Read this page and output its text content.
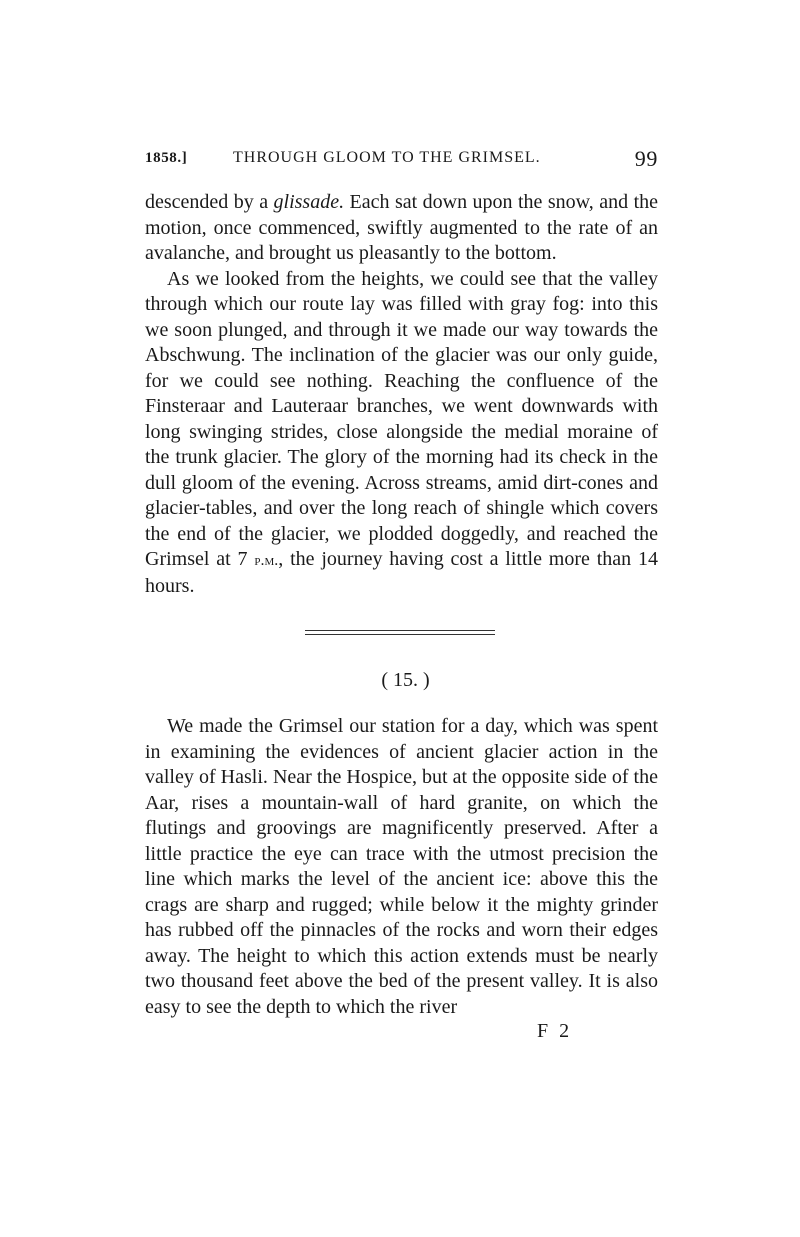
1858.]	THROUGH GLOOM TO THE GRIMSEL.	99

descended by a glissade. Each sat down upon the snow, and the motion, once commenced, swiftly augmented to the rate of an avalanche, and brought us pleasantly to the bottom.

As we looked from the heights, we could see that the valley through which our route lay was filled with gray fog: into this we soon plunged, and through it we made our way towards the Abschwung. The inclination of the glacier was our only guide, for we could see nothing. Reaching the confluence of the Finsteraar and Lauteraar branches, we went downwards with long swinging strides, close alongside the medial moraine of the trunk glacier. The glory of the morning had its check in the dull gloom of the evening. Across streams, amid dirt-cones and glacier-tables, and over the long reach of shingle which covers the end of the glacier, we plodded doggedly, and reached the Grimsel at 7 p.m., the journey having cost a little more than 14 hours.

( 15. )

We made the Grimsel our station for a day, which was spent in examining the evidences of ancient glacier action in the valley of Hasli. Near the Hospice, but at the opposite side of the Aar, rises a mountain-wall of hard granite, on which the flutings and groovings are magnificently preserved. After a little practice the eye can trace with the utmost precision the line which marks the level of the ancient ice: above this the crags are sharp and rugged; while below it the mighty grinder has rubbed off the pinnacles of the rocks and worn their edges away. The height to which this action extends must be nearly two thousand feet above the bed of the present valley. It is also easy to see the depth to which the river

F 2
